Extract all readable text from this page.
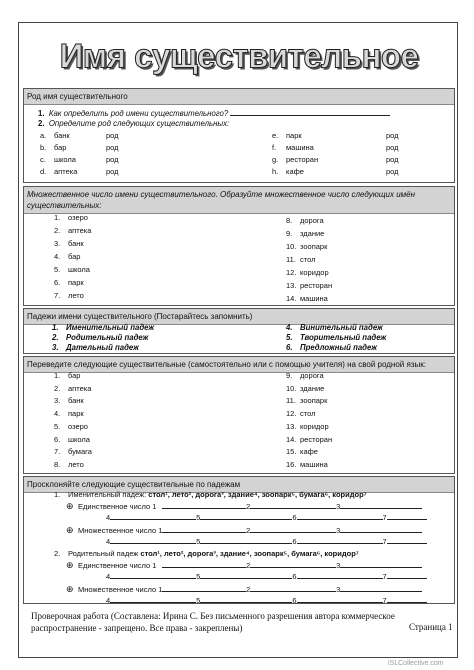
Имя существительное
Род имя существительного
1. Как определить род имени существительного?
2. Определите род следующих существительных:
a. банк	род
b. бар	род
c. школа	род
d. аптека	род
e. парк	род
f. машина	род
g. ресторан	род
h. кафе	род
Множественное число имени существительного. Образуйте множественное число следующих имён существительных:
1. озеро
2. аптека
3. банк
4. бар
5. школа
6. парк
7. лето
8. дорога
9. здание
10. зоопарк
11. стол
12. коридор
13. ресторан
14. машина
Падежи имени существительного (Постарайтесь запомнить)
1. Именительный падеж
2. Родительный падеж
3. Дательный падеж
4. Винительный падеж
5. Творительный падеж
6. Предложный падеж
Переведите следующие существительные (самостоятельно или с помощью учителя) на свой родной язык:
1. бар
2. аптека
3. банк
4. парк
5. озеро
6. школа
7. бумага
8. лето
9. дорога
10. здание
11. зоопарк
12. стол
13. коридор
14. ресторан
15. кафе
16. машина
Просклоняйте следующие существительные по падежам
1. Именительный падеж: стол¹, лето², дорога³, здание⁴, зоопарк⁵, бумага⁶, коридор⁷
⊕ Единственное число 1	2	3
4	5	6	7
⊕ Множественное число 1	2	3
4	5	6	7
2. Родительный падеж стол¹, лето², дорога³, здание⁴, зоопарк⁵, бумага⁶, коридор⁷
⊕ Единственное число 1	2	3
4	5	6	7
⊕ Множественное число 1	2	3
4	5	6	7
Проверочная работа (Составлена: Ирина С. Без письменного разрешения автора коммерческое
распространение - запрещено. Все права - закреплены)	Страница 1
iSLCollective.com
